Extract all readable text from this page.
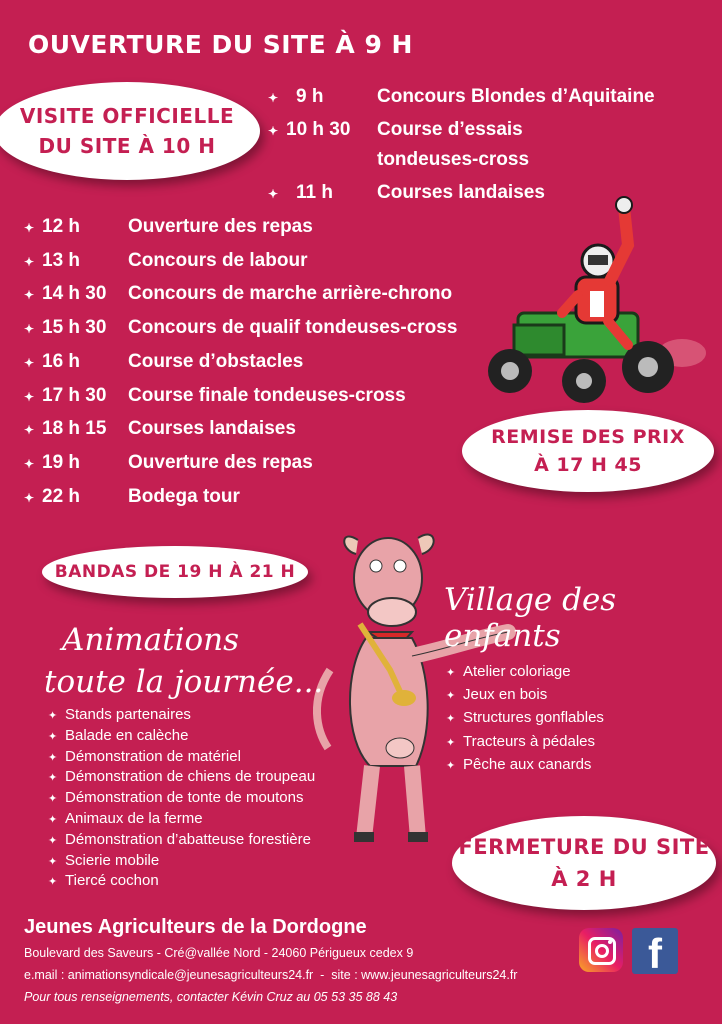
OUVERTURE DU SITE À 9 H
VISITE OFFICIELLE
DU SITE À 10 H
✦ 9 h	Concours Blondes d’Aquitaine
✦ 10 h 30 Course d’essais
tondeuses-cross
✦ 11 h Courses landaises
✦ 12 h	Ouverture des repas
✦ 13 h	Concours de labour
✦ 14 h 30 Concours de marche arrière-chrono
✦ 15 h 30 Concours de qualif tondeuses-cross
✦ 16 h	Course d’obstacles
✦ 17 h 30 Course finale tondeuses-cross
✦ 18 h 15 Courses landaises
✦ 19 h	Ouverture des repas
✦ 22 h	Bodega tour
REMISE DES PRIX
À 17 H 45
BANDAS DE 19 H À 21 H
Village des enfants
✦ Atelier coloriage
✦ Jeux en bois
✦ Structures gonflables
✦ Tracteurs à pédales
✦ Pêche aux canards
Animations
toute la journée...
✦ Stands partenaires
✦ Balade en calèche
✦ Démonstration de matériel
✦ Démonstration de chiens de troupeau
✦ Démonstration de tonte de moutons
✦ Animaux de la ferme
✦ Démonstration d’abatteuse forestière
✦ Scierie mobile
✦ Tiercé cochon
FERMETURE DU SITE
À 2 H
Jeunes Agriculteurs de la Dordogne
Boulevard des Saveurs - Cré@vallée Nord - 24060 Périgueux cedex 9
e.mail : animationsyndicale@jeunesagriculteurs24.fr  -  site : www.jeunesagriculteurs24.fr
Pour tous renseignements, contacter Kévin Cruz au 05 53 35 88 43
f
